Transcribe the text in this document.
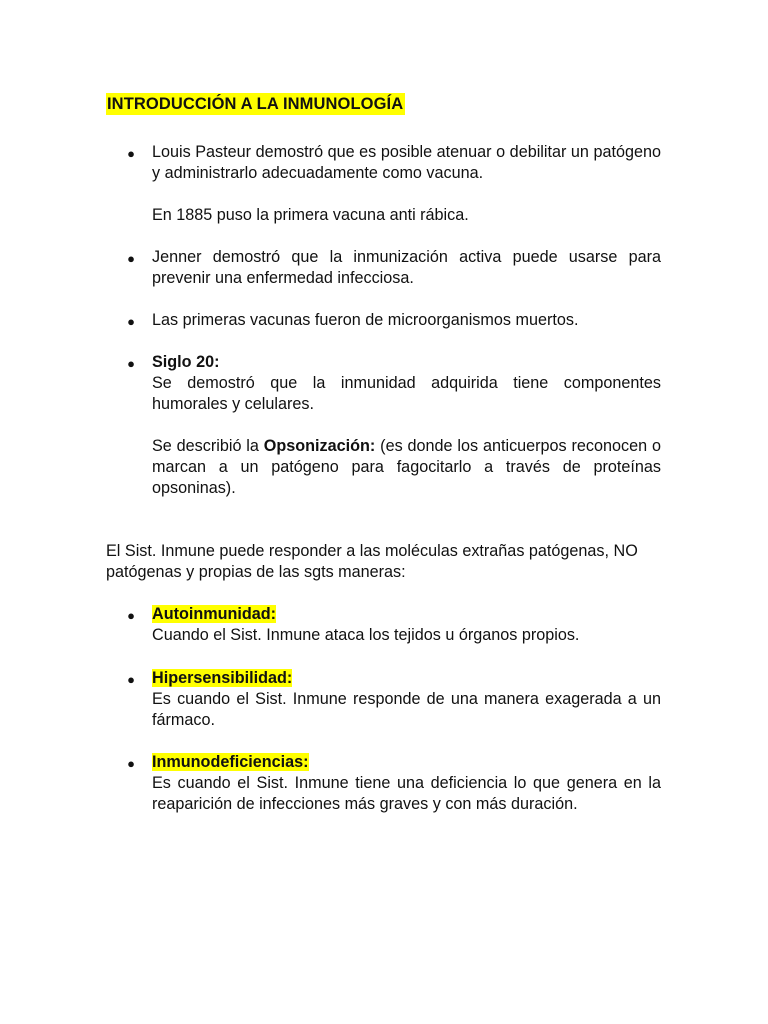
INTRODUCCIÓN A LA INMUNOLOGÍA
● Louis Pasteur demostró que es posible atenuar o debilitar un patógeno y administrarlo adecuadamente como vacuna.
En 1885 puso la primera vacuna anti rábica.
● Jenner demostró que la inmunización activa puede usarse para prevenir una enfermedad infecciosa.
● Las primeras vacunas fueron de microorganismos muertos.
● Siglo 20:
Se demostró que la inmunidad adquirida tiene componentes humorales y celulares.
Se describió la Opsonización: (es donde los anticuerpos reconocen o marcan a un patógeno para fagocitarlo a través de proteínas opsoninas).
El Sist. Inmune puede responder a las moléculas extrañas patógenas, NO patógenas y propias de las sgts maneras:
● Autoinmunidad:
Cuando el Sist. Inmune ataca los tejidos u órganos propios.
● Hipersensibilidad:
Es cuando el Sist. Inmune responde de una manera exagerada a un fármaco.
● Inmunodeficiencias:
Es cuando el Sist. Inmune tiene una deficiencia lo que genera en la reaparición de infecciones más graves y con más duración.
